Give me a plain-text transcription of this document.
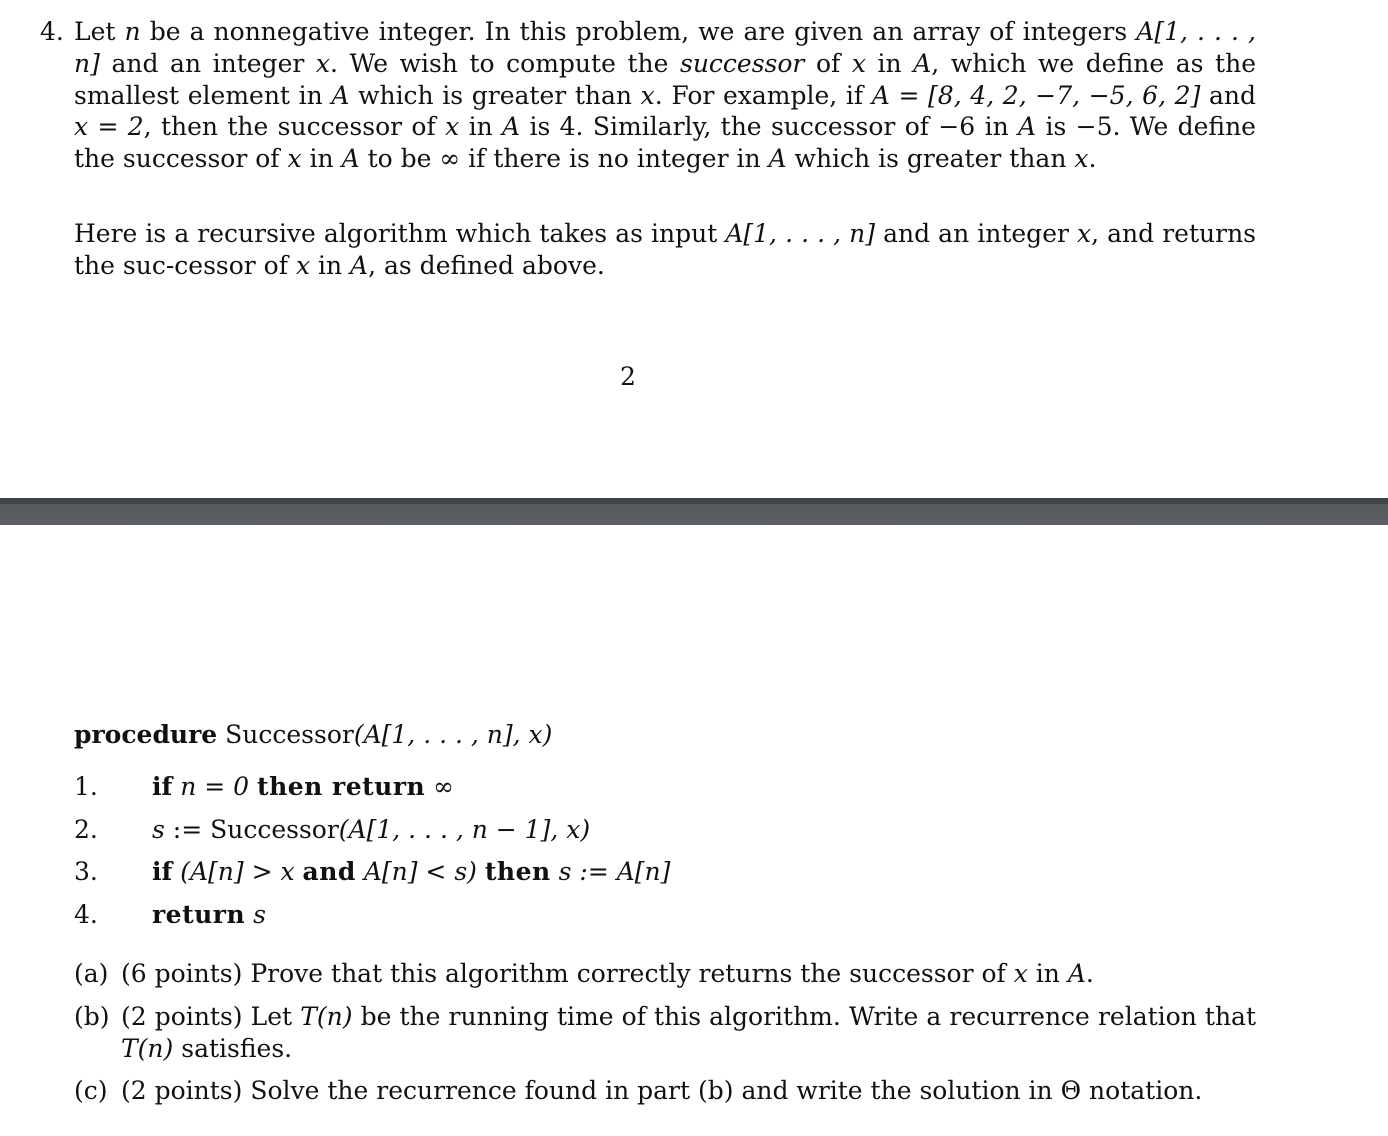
4. Let n be a nonnegative integer. In this problem, we are given an array of integers A[1, . . . , n] and an integer x. We wish to compute the successor of x in A, which we define as the smallest element in A which is greater than x. For example, if A = [8, 4, 2, −7, −5, 6, 2] and x = 2, then the successor of x in A is 4. Similarly, the successor of −6 in A is −5. We define the successor of x in A to be ∞ if there is no integer in A which is greater than x.
Here is a recursive algorithm which takes as input A[1, . . . , n] and an integer x, and returns the suc-cessor of x in A, as defined above.
2
procedure Successor(A[1, . . . , n], x)
1. if n = 0 then return ∞
2. s := Successor(A[1, . . . , n − 1], x)
3. if (A[n] > x and A[n] < s) then s := A[n]
4. return s
(a) (6 points) Prove that this algorithm correctly returns the successor of x in A.
(b) (2 points) Let T(n) be the running time of this algorithm. Write a recurrence relation that T(n) satisfies.
(c) (2 points) Solve the recurrence found in part (b) and write the solution in Θ notation.
